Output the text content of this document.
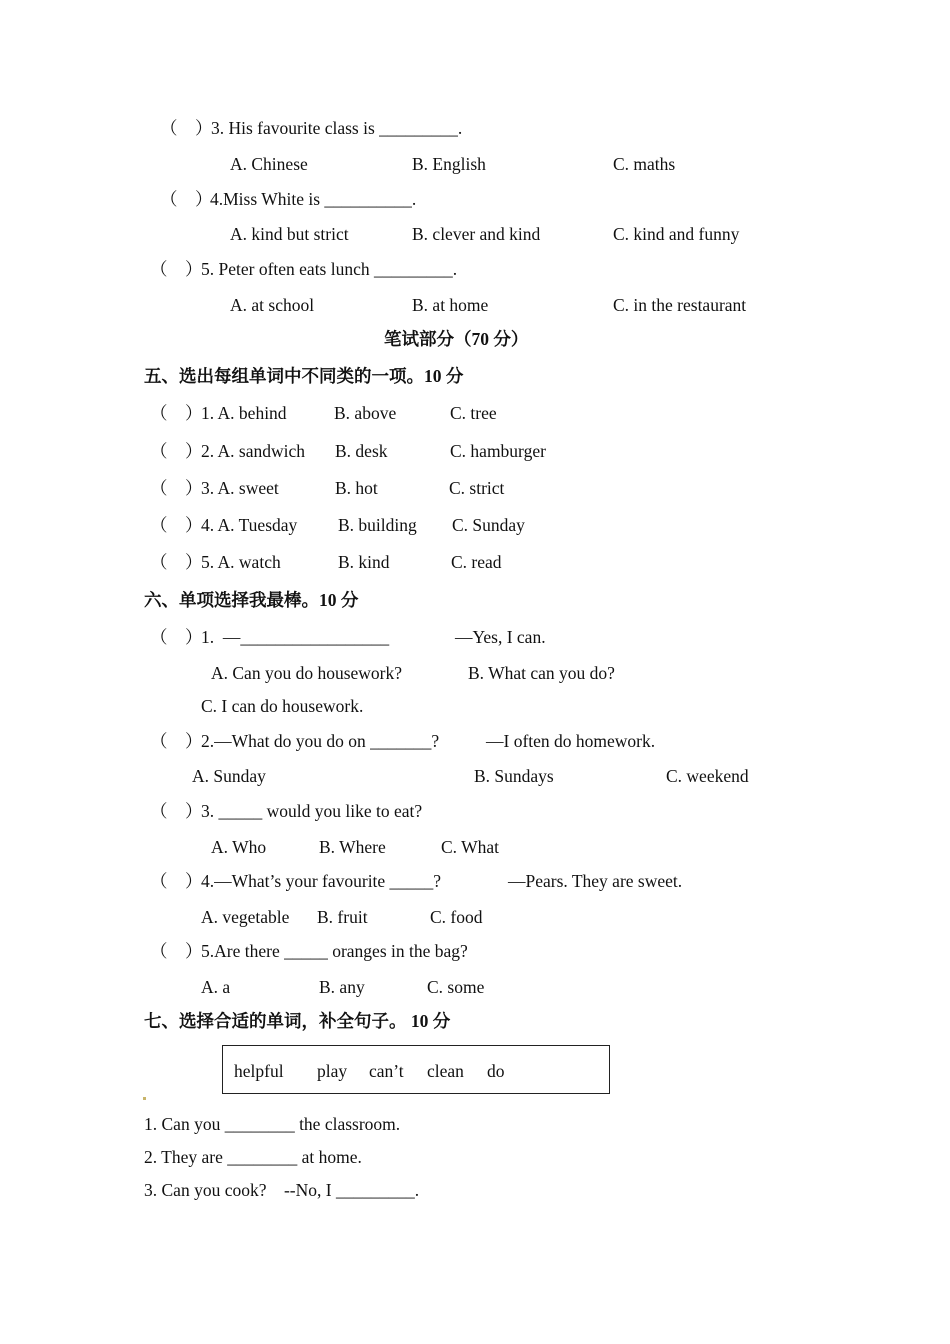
（    ）
3. His favourite class is _________.
A. Chinese	B. English	C. maths
（    ）
4.Miss White is __________.
A. kind but strict	B. clever and kind	C. kind and funny
（    ）
5. Peter often eats lunch _________.
A. at school	B. at home	C. in the restaurant
笔试部分（70 分）
五、选出每组单词中不同类的一项。10 分
（    ）
1. A. behind	B. above	C. tree
（    ）
2. A. sandwich B. desk	C. hamburger
（    ）
3. A. sweet	B. hot	C. strict
（    ）
4. A. Tuesday B. building C. Sunday
（    ）
5. A. watch	B. kind	C. read
六、单项选择我最棒。10 分
（    ）
1.  —_________________	—Yes, I can.
A. Can you do housework?	B. What can you do?
C. I can do housework.
（    ）
2.—What do you do on _______?	—I often do homework.
A. Sunday	B. Sundays	C. weekend
（    ）
3. _____ would you like to eat?
A. Who	B. Where	C. What
（    ）
4.—What’s your favourite _____?	—Pears. They are sweet.
A. vegetable B. fruit	C. food
（    ）
5.Are there _____ oranges in the bag?
A. a	B. any	C. some
七、选择合适的单词，补全句子。 10 分
helpful play can’t clean do
1. Can you ________ the classroom.
2. They are ________ at home.
3. Can you cook?    --No, I _________.
